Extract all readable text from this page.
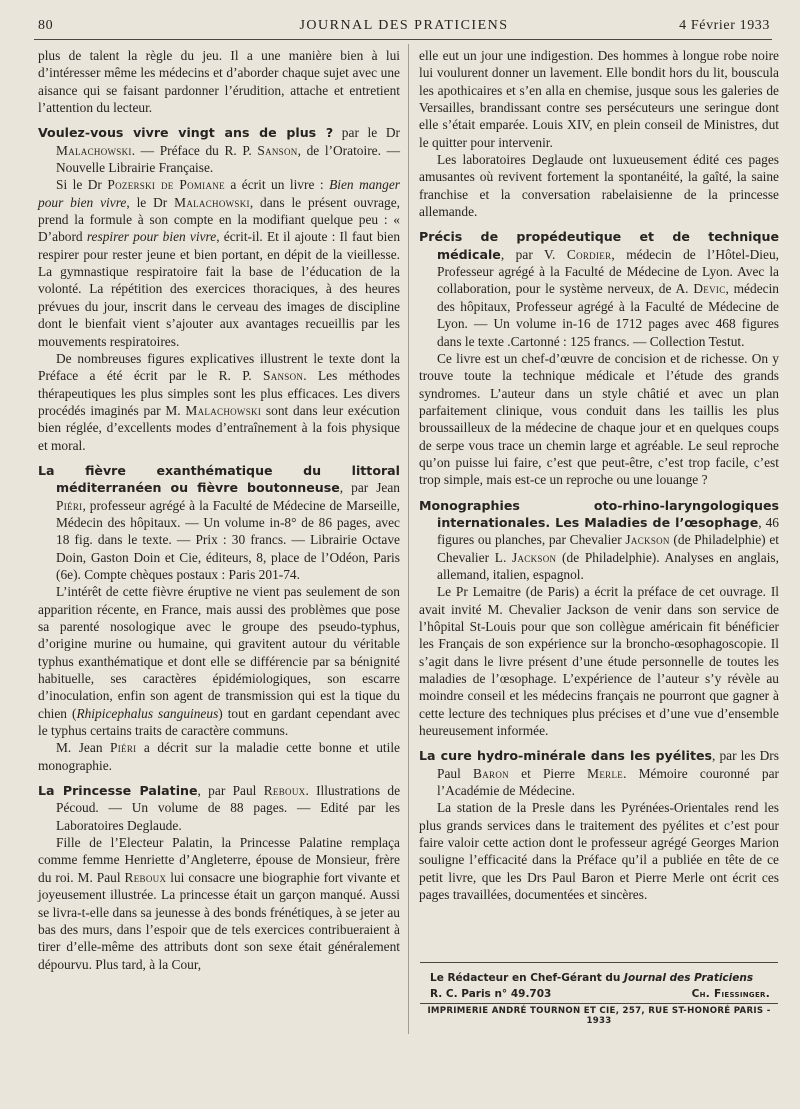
80	JOURNAL DES PRATICIENS	4 Février 1933

plus de talent la règle du jeu. Il a une manière bien à lui d’intéresser même les médecins et d’aborder chaque sujet avec une aisance qui se faisant pardonner l’érudition, attache et entretient l’attention du lecteur.

Voulez-vous vivre vingt ans de plus ? par le Dr Malachowski. — Préface du R. P. Sanson, de l’Oratoire. — Nouvelle Librairie Française.

Si le Dr Pozerski de Pomiane a écrit un livre : Bien manger pour bien vivre, le Dr Malachowski, dans le présent ouvrage, prend la formule à son compte en la modifiant quelque peu : « D’abord respirer pour bien vivre, écrit-il. Et il ajoute : Il faut bien respirer pour rester jeune et bien portant, en dépit de la vieillesse. La gymnastique respiratoire fait la base de l’éducation de la volonté. La répétition des exercices thoraciques, à des heures prévues du jour, inscrit dans le cerveau des images de discipline dont le bienfait vient s’ajouter aux avantages recueillis par les mouvements respiratoires.

De nombreuses figures explicatives illustrent le texte dont la Préface a été écrit par le R. P. Sanson. Les méthodes thérapeutiques les plus simples sont les plus efficaces. Les divers procédés imaginés par M. Malachowski sont dans leur exécution bien réglée, d’excellents modes d’entraînement à la fois physique et moral.

La fièvre exanthématique du littoral méditerranéen ou fièvre boutonneuse, par Jean Piéri, professeur agrégé à la Faculté de Médecine de Marseille, Médecin des hôpitaux. — Un volume in-8° de 86 pages, avec 18 fig. dans le texte. — Prix : 30 francs. — Librairie Octave Doin, Gaston Doin et Cie, éditeurs, 8, place de l’Odéon, Paris (6e). Compte chèques postaux : Paris 201-74.

L’intérêt de cette fièvre éruptive ne vient pas seulement de son apparition récente, en France, mais aussi des problèmes que pose sa parenté nosologique avec le groupe des pseudo-typhus, d’origine murine ou humaine, qui gravitent autour du véritable typhus exanthématique et dont elle se différencie par sa bénignité habituelle, ses caractères épidémiologiques, son escarre d’inoculation, enfin son agent de transmission qui est la tique du chien (Rhipicephalus sanguineus) tout en gardant cependant avec le typhus certains traits de caractère communs.

M. Jean Piéri a décrit sur la maladie cette bonne et utile monographie.

La Princesse Palatine, par Paul Reboux. Illustrations de Pécoud. — Un volume de 88 pages. — Edité par les Laboratoires Deglaude.

Fille de l’Electeur Palatin, la Princesse Palatine remplaça comme femme Henriette d’Angleterre, épouse de Monsieur, frère du roi. M. Paul Reboux lui consacre une biographie fort vivante et joyeusement illustrée. La princesse était un garçon manqué. Aussi se livra-t-elle dans sa jeunesse à des bonds frénétiques, à se jeter au bas des murs, dans l’espoir que de tels exercices contribueraient à tirer d’elle-même des attributs dont son sexe était généralement dépourvu. Plus tard, à la Cour,

elle eut un jour une indigestion. Des hommes à longue robe noire lui voulurent donner un lavement. Elle bondit hors du lit, bouscula les apothicaires et s’en alla en chemise, jusque sous les galeries de Versailles, brandissant contre ses persécuteurs une seringue dont elle s’était emparée. Louis XIV, en plein conseil de Ministres, dut le quitter pour intervenir.

Les laboratoires Deglaude ont luxueusement édité ces pages amusantes où revivent fortement la spontanéité, la gaîté, la saine franchise et la conversation rabelaisienne de la princesse allemande.

Précis de propédeutique et de technique médicale, par V. Cordier, médecin de l’Hôtel-Dieu, Professeur agrégé à la Faculté de Médecine de Lyon. Avec la collaboration, pour le système nerveux, de A. Devic, médecin des hôpitaux, Professeur agrégé à la Faculté de Médecine de Lyon. — Un volume in-16 de 1712 pages avec 468 figures dans le texte .Cartonné : 125 francs. — Collection Testut.

Ce livre est un chef-d’œuvre de concision et de richesse. On y trouve toute la technique médicale et l’étude des grands syndromes. L’auteur dans un style châtié et avec un plan parfaitement clinique, vous conduit dans les taillis les plus broussailleux de la médecine de chaque jour et en quelques coups de serpe vous trace un chemin large et agréable. Le seul reproche qu’on puisse lui faire, c’est que peut-être, c’est trop facile, c’est trop simple, mais est-ce un reproche ou une louange ?

Monographies oto-rhino-laryngologiques internationales. Les Maladies de l’œsophage, 46 figures ou planches, par Chevalier Jackson (de Philadelphie) et Chevalier L. Jackson (de Philadelphie). Analyses en anglais, allemand, italien, espagnol.

Le Pr Lemaitre (de Paris) a écrit la préface de cet ouvrage. Il avait invité M. Chevalier Jackson de venir dans son service de l’hôpital St-Louis pour que son collègue américain fit bénéficier les Français de son expérience sur la broncho-œsophagoscopie. Il s’agit dans le livre présent d’une étude personnelle de toutes les maladies de l’œsophage. L’expérience de l’auteur s’y révèle au moindre conseil et les médecins français ne pourront que gagner à cette lecture des techniques plus précises et d’une vue d’ensemble heureusement informée.

La cure hydro-minérale dans les pyélites, par les Drs Paul Baron et Pierre Merle. Mémoire couronné par l’Académie de Médecine.

La station de la Presle dans les Pyrénées-Orientales rend les plus grands services dans le traitement des pyélites et c’est pour faire valoir cette action dont le professeur agrégé Georges Marion souligne l’efficacité dans la Préface qu’il a publiée en tête de ce petit livre, que les Drs Paul Baron et Pierre Merle ont écrit ces pages travaillées, documentées et sincères.

Le Rédacteur en Chef-Gérant du Journal des Praticiens
R. C. Paris n° 49.703	Ch. Fiessinger.
IMPRIMERIE ANDRÉ TOURNON ET CIE, 257, RUE ST-HONORÉ PARIS - 1933
